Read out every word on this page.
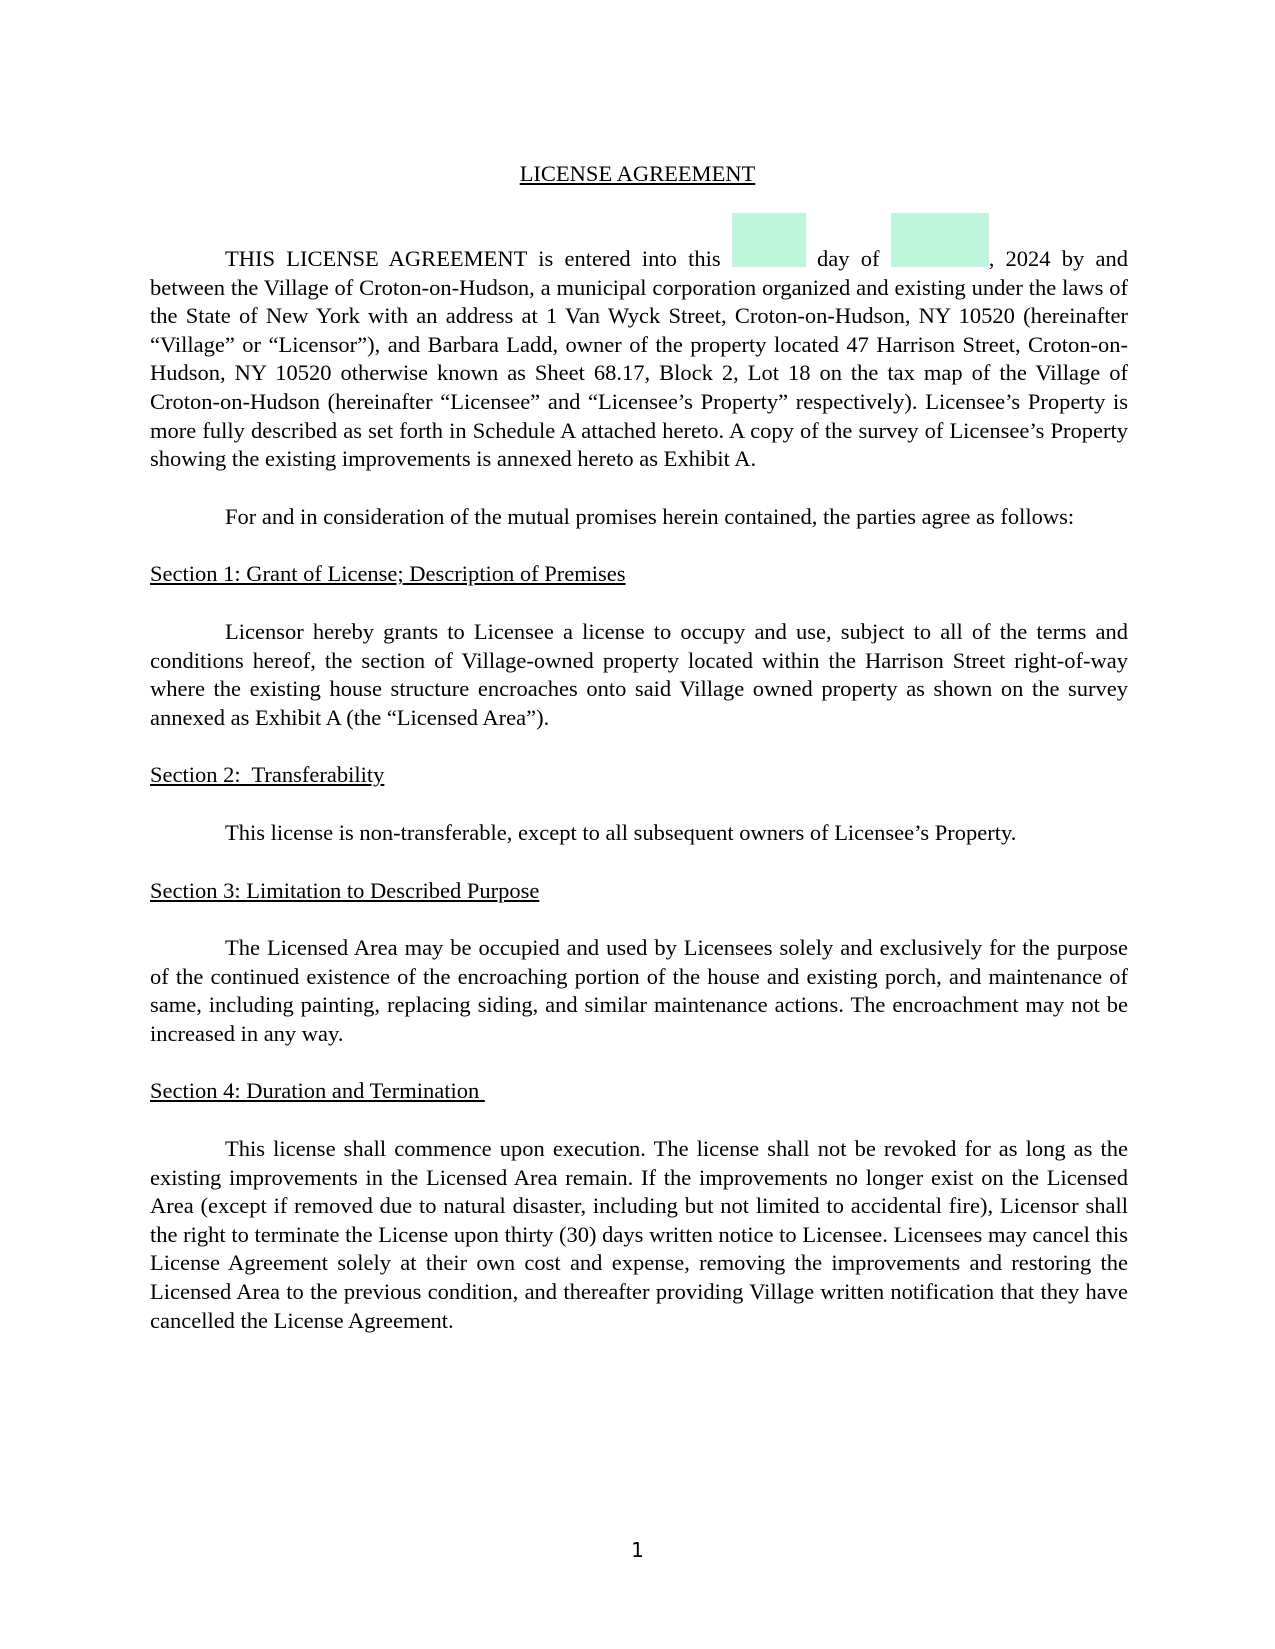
LICENSE AGREEMENT

THIS LICENSE AGREEMENT is entered into this	day of	, 2024 by and between the Village of Croton-on-Hudson, a municipal corporation organized and existing under the laws of the State of New York with an address at 1 Van Wyck Street, Croton-on-Hudson, NY 10520 (hereinafter “Village” or “Licensor”), and Barbara Ladd, owner of the property located 47 Harrison Street, Croton-on-Hudson, NY 10520 otherwise known as Sheet 68.17, Block 2, Lot 18 on the tax map of the Village of Croton-on-Hudson (hereinafter “Licensee” and “Licensee’s Property” respectively). Licensee’s Property is more fully described as set forth in Schedule A attached hereto. A copy of the survey of Licensee’s Property showing the existing improvements is annexed hereto as Exhibit A.

For and in consideration of the mutual promises herein contained, the parties agree as follows:

Section 1: Grant of License; Description of Premises

Licensor hereby grants to Licensee a license to occupy and use, subject to all of the terms and conditions hereof, the section of Village-owned property located within the Harrison Street right-of-way where the existing house structure encroaches onto said Village owned property as shown on the survey annexed as Exhibit A (the “Licensed Area”).

Section 2:  Transferability

This license is non-transferable, except to all subsequent owners of Licensee’s Property.

Section 3: Limitation to Described Purpose

The Licensed Area may be occupied and used by Licensees solely and exclusively for the purpose of the continued existence of the encroaching portion of the house and existing porch, and maintenance of same, including painting, replacing siding, and similar maintenance actions. The encroachment may not be increased in any way.

Section 4: Duration and Termination

This license shall commence upon execution. The license shall not be revoked for as long as the existing improvements in the Licensed Area remain. If the improvements no longer exist on the Licensed Area (except if removed due to natural disaster, including but not limited to accidental fire), Licensor shall the right to terminate the License upon thirty (30) days written notice to Licensee. Licensees may cancel this License Agreement solely at their own cost and expense, removing the improvements and restoring the Licensed Area to the previous condition, and thereafter providing Village written notification that they have cancelled the License Agreement.

1
